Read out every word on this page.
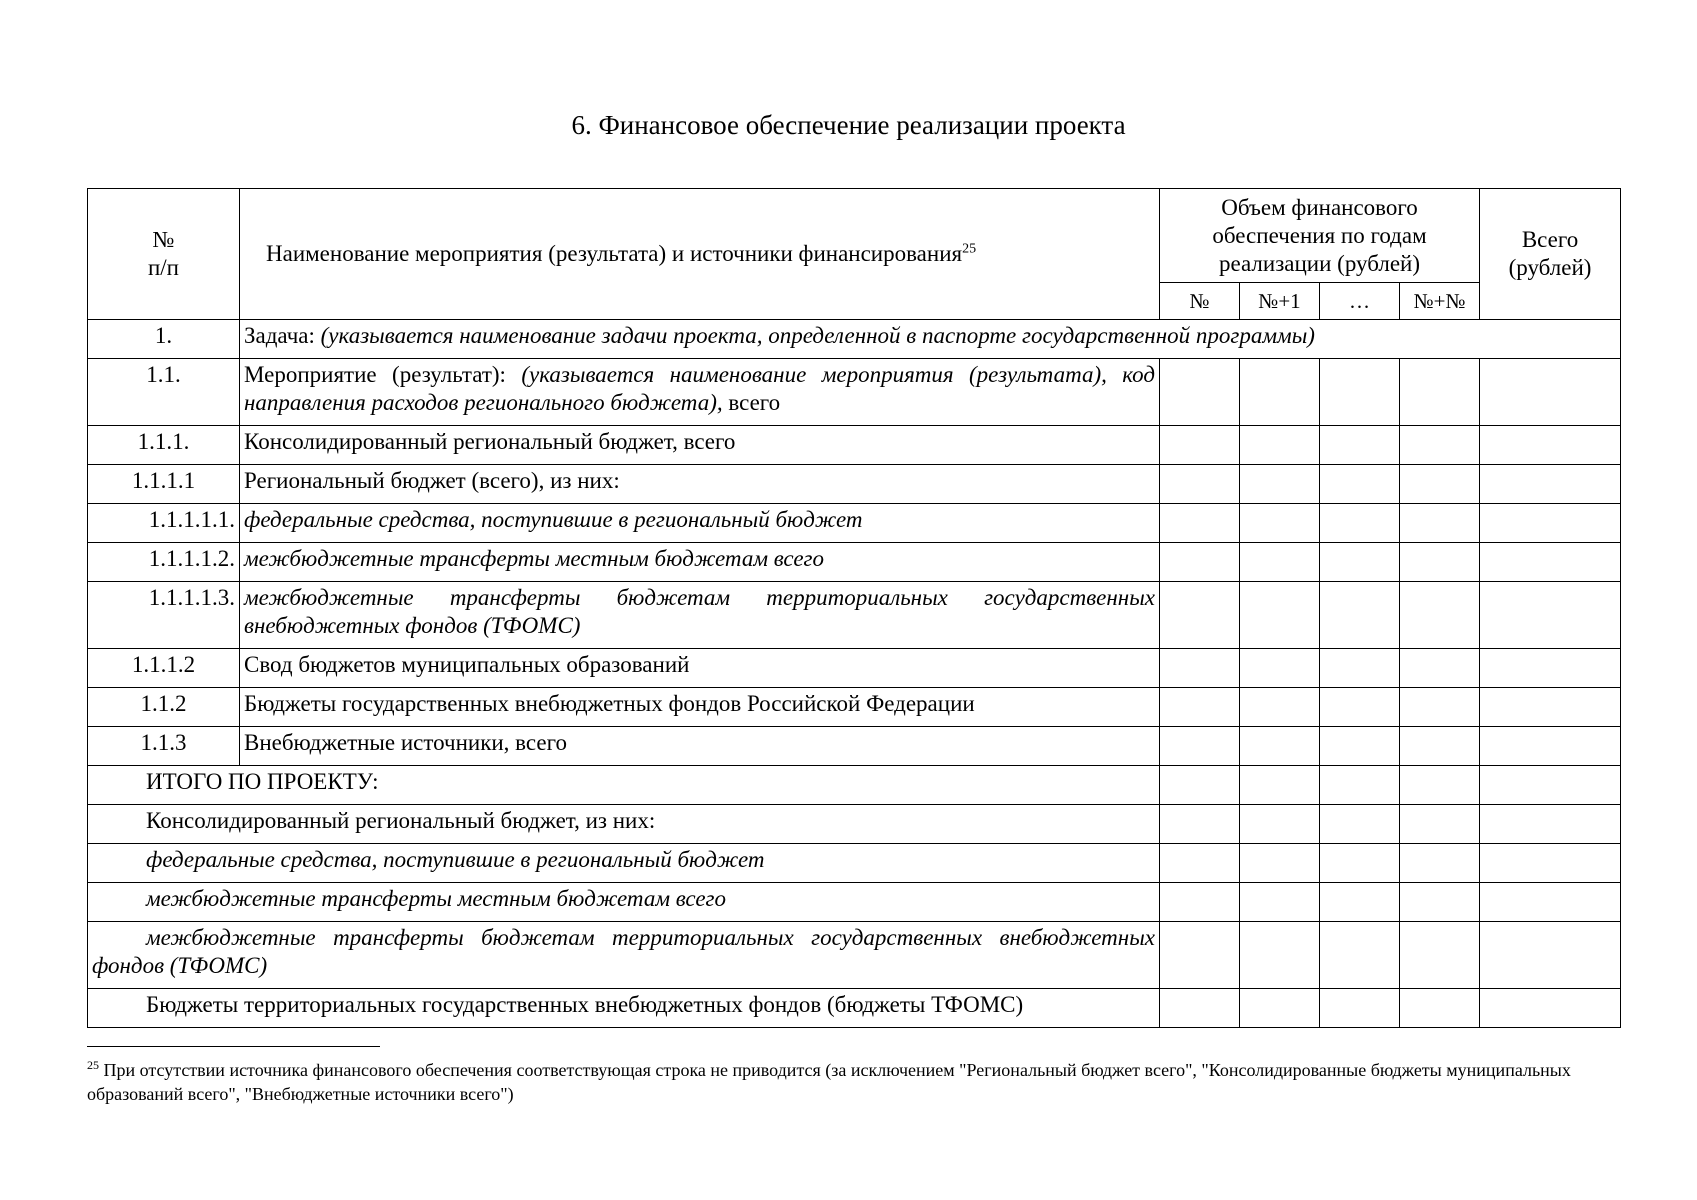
6. Финансовое обеспечение реализации проекта
№
п/п	Наименование мероприятия (результата) и источники финансирования$^{25}$	Объем финансового обеспечения по годам реализации (рублей)				Всего (рублей)
		№	№+1	…	№+№	
1.	Задача: (указывается наименование задачи проекта, определенной в паспорте государственной программы)					
1.1.	Мероприятие (результат): (указывается наименование мероприятия (результата), код направления расходов регионального бюджета), всего					
1.1.1.	Консолидированный региональный бюджет, всего					
1.1.1.1	Региональный бюджет (всего), из них:					
1.1.1.1.1.	федеральные средства, поступившие в региональный бюджет					
1.1.1.1.2.	межбюджетные трансферты местным бюджетам всего					
1.1.1.1.3.	межбюджетные трансферты бюджетам территориальных государственных внебюджетных фондов (ТФОМС)					
1.1.1.2	Свод бюджетов муниципальных образований					
1.1.2	Бюджеты государственных внебюджетных фондов Российской Федерации					
1.1.3	Внебюджетные источники, всего					
ИТОГО ПО ПРОЕКТУ:						
Консолидированный региональный бюджет, из них:						
федеральные средства, поступившие в региональный бюджет						
межбюджетные трансферты местным бюджетам всего						
межбюджетные трансферты бюджетам территориальных государственных внебюджетных фондов (ТФОМС)						
Бюджеты территориальных государственных внебюджетных фондов (бюджеты ТФОМС)						
$^{25}$ При отсутствии источника финансового обеспечения соответствующая строка не приводится (за исключением "Региональный бюджет всего", "Консолидированные бюджеты муниципальных образований всего", "Внебюджетные источники всего")
